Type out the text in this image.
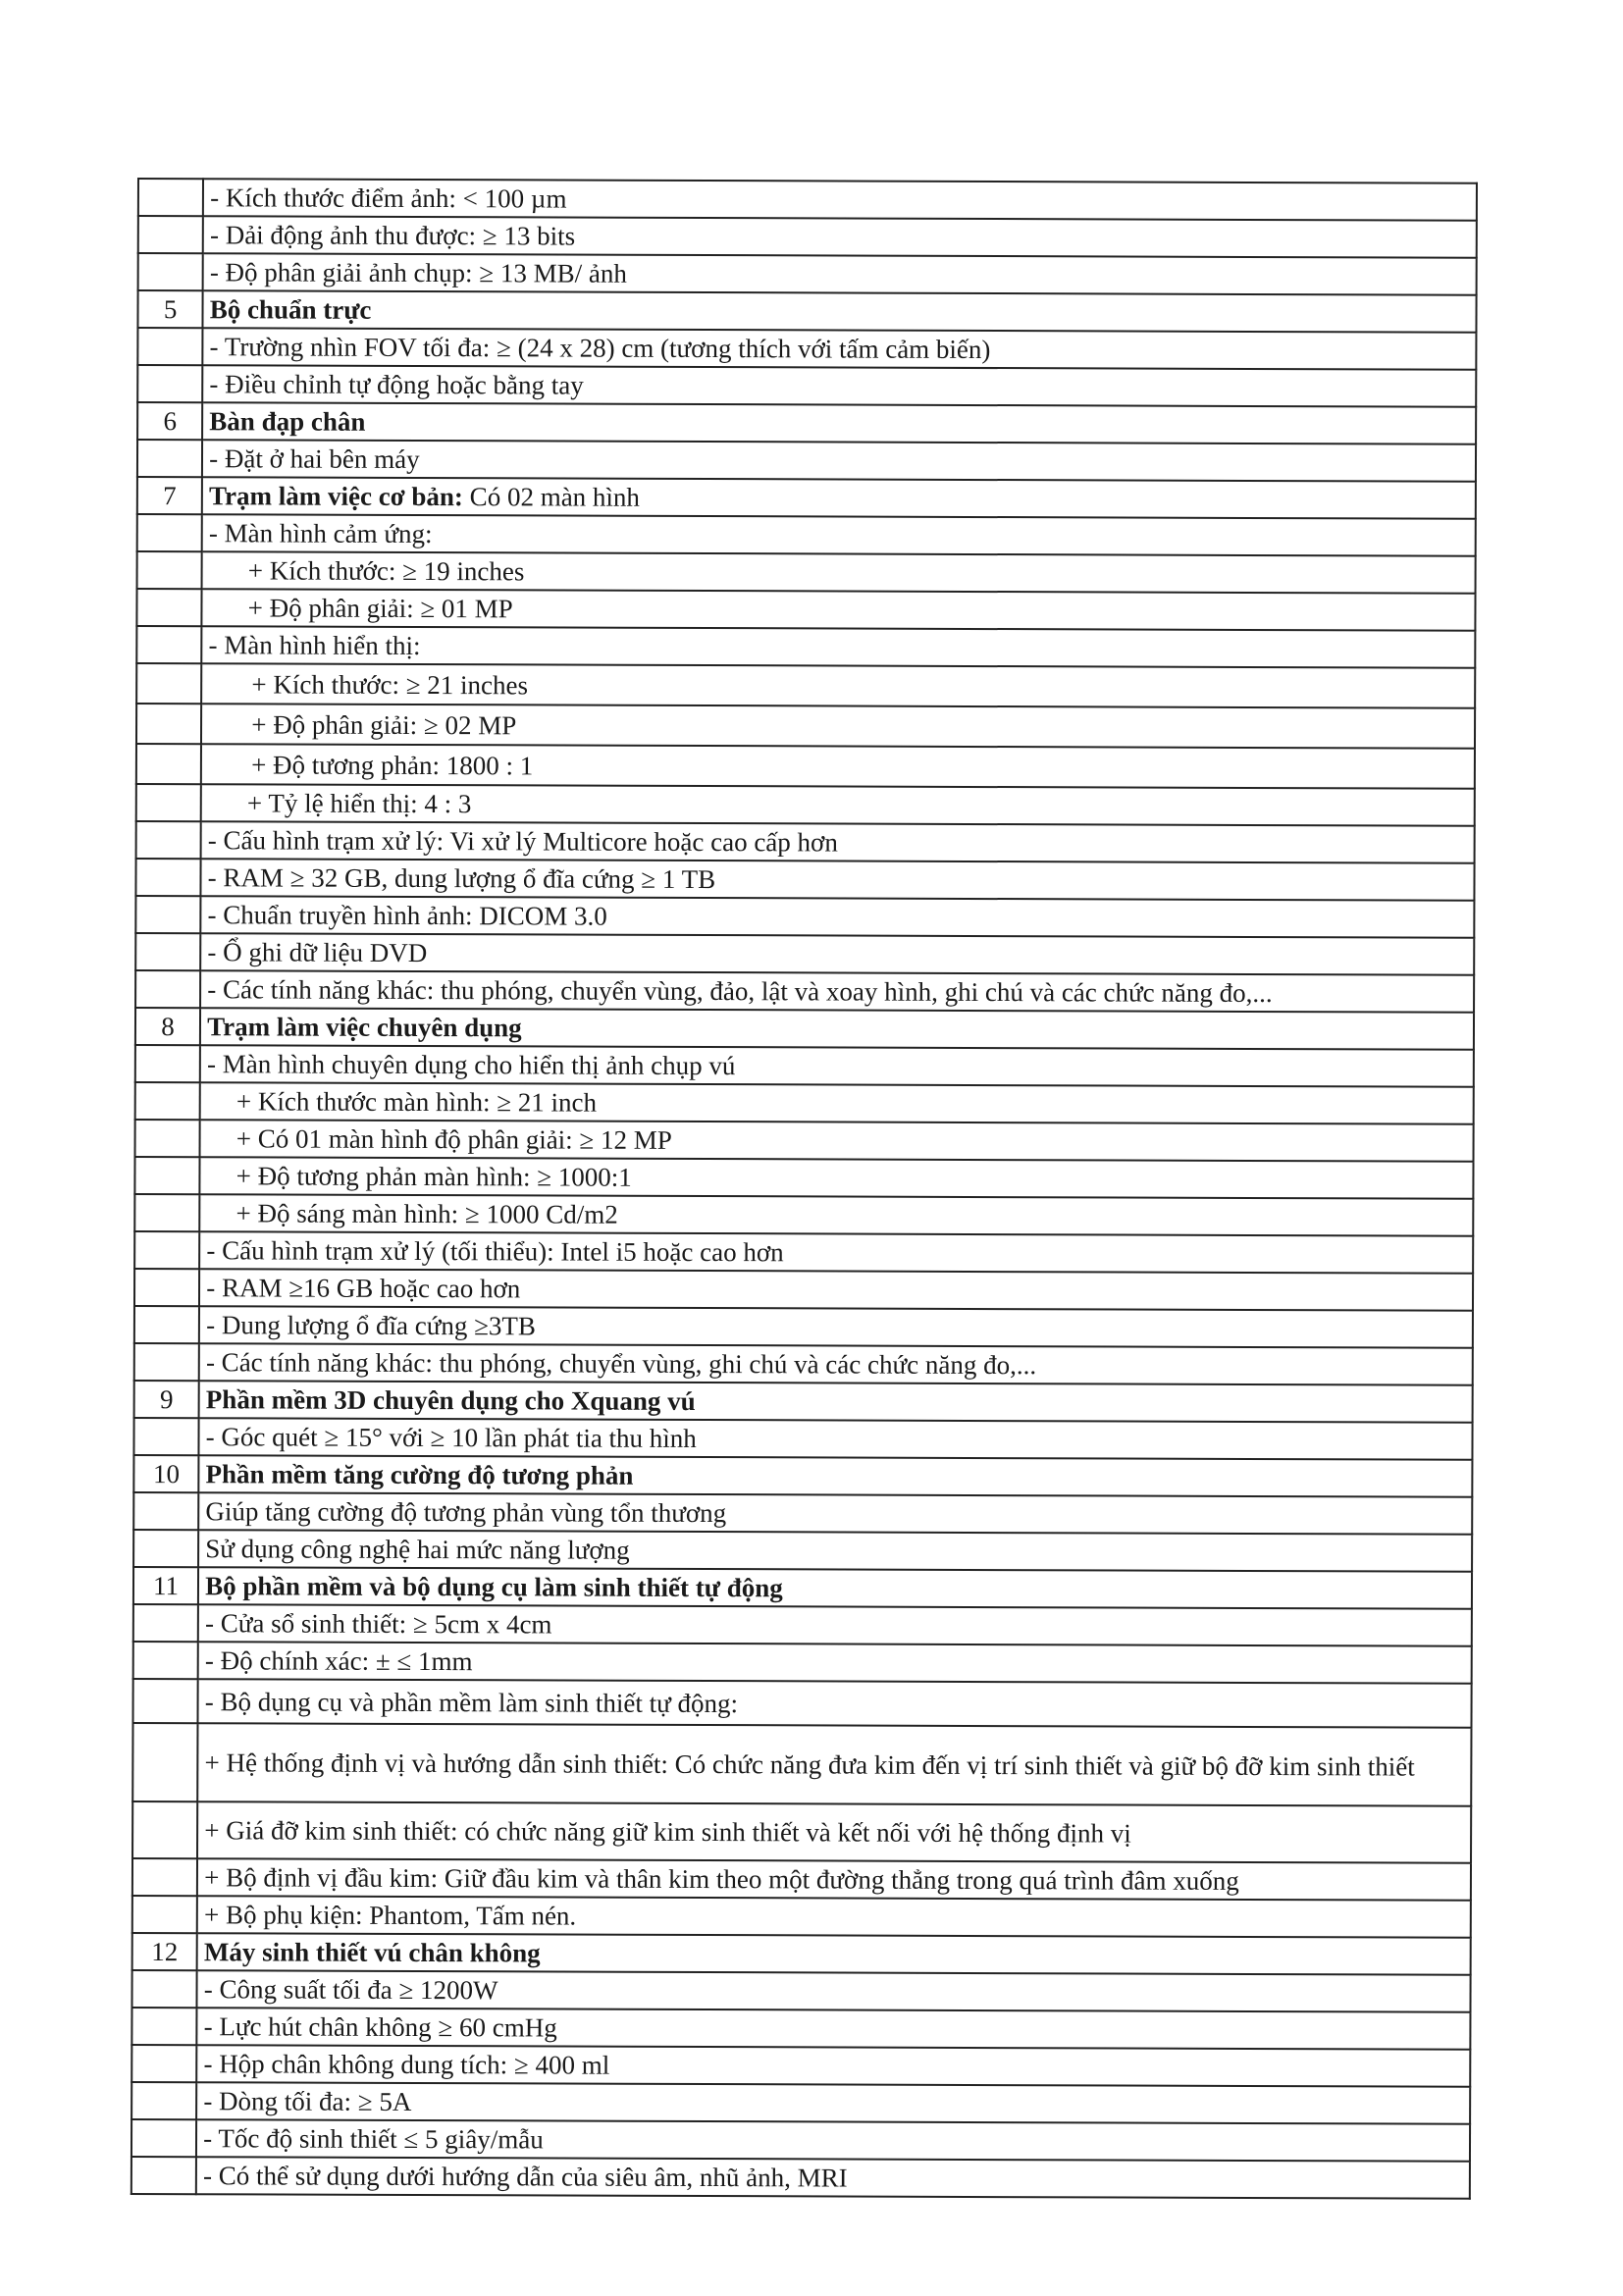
	- Kích thước điểm ảnh: < 100 µm
	- Dải động ảnh thu được: ≥ 13 bits
	- Độ phân giải ảnh chụp: ≥ 13 MB/ ảnh
5	Bộ chuẩn trực
	- Trường nhìn FOV tối đa: ≥ (24 x 28) cm (tương thích với tấm cảm biến)
	- Điều chỉnh tự động hoặc bằng tay
6	Bàn đạp chân
	- Đặt ở hai bên máy
7	Trạm làm việc cơ bản: Có 02 màn hình
	- Màn hình cảm ứng:
	+ Kích thước: ≥ 19 inches
	+ Độ phân giải: ≥ 01 MP
	- Màn hình hiển thị:
	+ Kích thước: ≥ 21 inches
	+ Độ phân giải: ≥ 02 MP
	+ Độ tương phản: 1800 : 1
	+ Tỷ lệ hiển thị: 4 : 3
	- Cấu hình trạm xử lý: Vi xử lý Multicore hoặc cao cấp hơn
	- RAM ≥ 32 GB, dung lượng ổ đĩa cứng ≥ 1 TB
	- Chuẩn truyền hình ảnh: DICOM 3.0
	- Ổ ghi dữ liệu DVD
	- Các tính năng khác: thu phóng, chuyển vùng, đảo, lật và xoay hình, ghi chú và các chức năng đo,...
8	Trạm làm việc chuyên dụng
	- Màn hình chuyên dụng cho hiển thị ảnh chụp vú
	+ Kích thước màn hình: ≥ 21 inch
	+ Có 01 màn hình độ phân giải: ≥ 12 MP
	+ Độ tương phản màn hình: ≥ 1000:1
	+ Độ sáng màn hình: ≥ 1000 Cd/m2
	- Cấu hình trạm xử lý (tối thiểu): Intel i5 hoặc cao hơn
	- RAM ≥16 GB hoặc cao hơn
	- Dung lượng ổ đĩa cứng ≥3TB
	- Các tính năng khác: thu phóng, chuyển vùng, ghi chú và các chức năng đo,...
9	Phần mềm 3D chuyên dụng cho Xquang vú
	- Góc quét ≥ 15° với ≥ 10 lần phát tia thu hình
10	Phần mềm tăng cường độ tương phản
	Giúp tăng cường độ tương phản vùng tổn thương
	Sử dụng công nghệ hai mức năng lượng
11	Bộ phần mềm và bộ dụng cụ làm sinh thiết tự động
	- Cửa sổ sinh thiết: ≥ 5cm x 4cm
	- Độ chính xác: ± ≤ 1mm
	- Bộ dụng cụ và phần mềm làm sinh thiết tự động:
	+ Hệ thống định vị và hướng dẫn sinh thiết: Có chức năng đưa kim đến vị trí sinh thiết và giữ bộ đỡ kim sinh thiết
	+ Giá đỡ kim sinh thiết: có chức năng giữ kim sinh thiết và kết nối với hệ thống định vị
	+ Bộ định vị đầu kim: Giữ đầu kim và thân kim theo một đường thẳng trong quá trình đâm xuống
	+ Bộ phụ kiện: Phantom, Tấm nén.
12	Máy sinh thiết vú chân không
	- Công suất tối đa ≥ 1200W
	- Lực hút chân không ≥ 60 cmHg
	- Hộp chân không dung tích: ≥ 400 ml
	- Dòng tối đa: ≥ 5A
	- Tốc độ sinh thiết ≤ 5 giây/mẫu
	- Có thể sử dụng dưới hướng dẫn của siêu âm, nhũ ảnh, MRI
